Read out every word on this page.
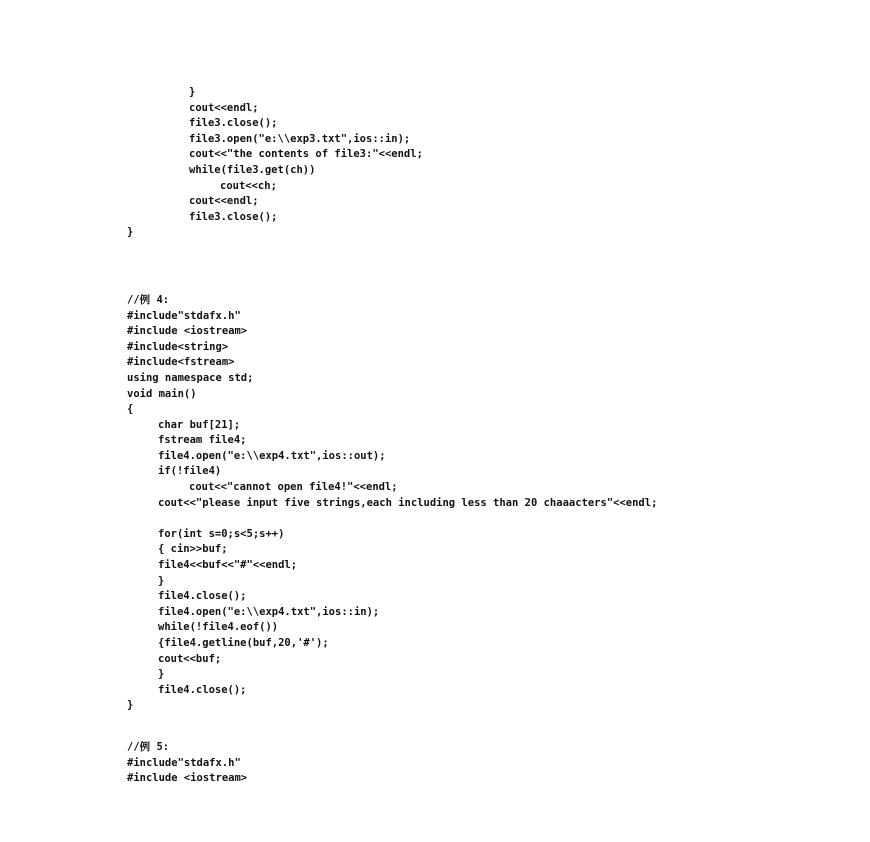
}
cout<<endl;
file3.close();
file3.open("e:\\exp3.txt",ios::in);
cout<<"the contents of file3:"<<endl;
while(file3.get(ch))
cout<<ch;
cout<<endl;
file3.close();
}
//例 4:
#include"stdafx.h"
#include <iostream>
#include<string>
#include<fstream>
using namespace std;
void main()
{
char buf[21];
fstream file4;
file4.open("e:\\exp4.txt",ios::out);
if(!file4)
cout<<"cannot open file4!"<<endl;
cout<<"please input five strings,each including less than 20 chaaacters"<<endl;
for(int s=0;s<5;s++)
{ cin>>buf;
file4<<buf<<"#"<<endl;
}
file4.close();
file4.open("e:\\exp4.txt",ios::in);
while(!file4.eof())
{file4.getline(buf,20,'#');
cout<<buf;
}
file4.close();
}
//例 5:
#include"stdafx.h"
#include <iostream>
